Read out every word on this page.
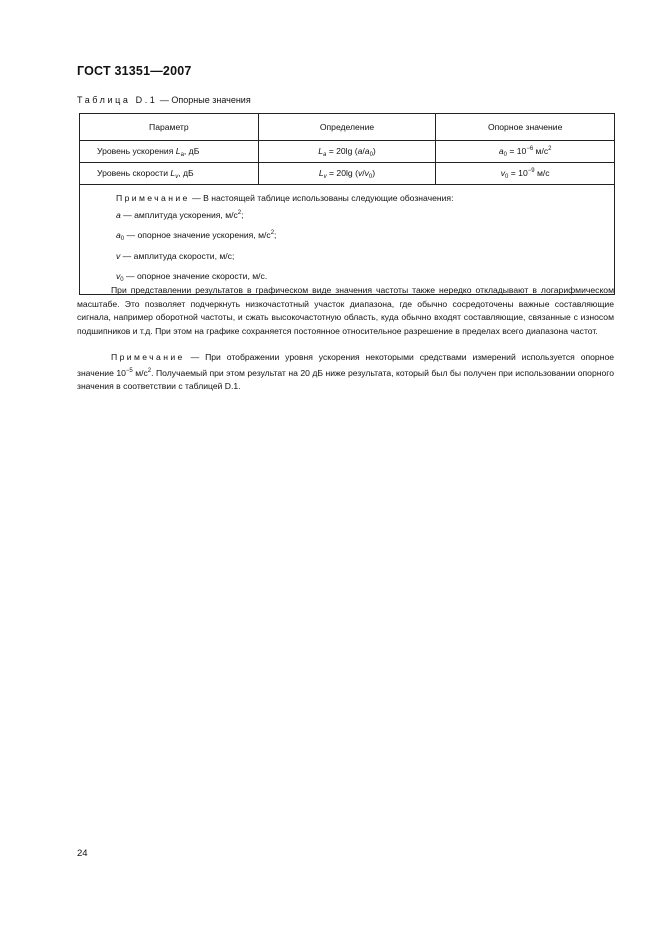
ГОСТ 31351—2007
Таблица D.1 — Опорные значения
Параметр	Определение	Опорное значение
Уровень ускорения $L_a$, дБ	$L_a = 20\lg$ $(a/a_0)$	$a_0 = 10^{-6}$ $м/с^2$
Уровень скорости $L_v$, дБ	$L_v = 20\lg$ $(v/v_0)$	$v_0 = 10^{-9}$ м/с

Примечание — В настоящей таблице использованы следующие обозначения:
a — амплитуда ускорения, $м/с^2$;
$a_0$ — опорное значение ускорения, $м/с^2$;
v — амплитуда скорости, м/с;
$v_0$ — опорное значение скорости, м/с.		

При представлении результатов в графическом виде значения частоты также нередко откладывают в логарифмическом масштабе. Это позволяет подчеркнуть низкочастотный участок диапазона, где обычно сосредоточены важные составляющие сигнала, например оборотной частоты, и сжать высокочастотную область, куда обычно входят составляющие, связанные с износом подшипников и т.д. При этом на графике сохраняется постоянное относительное разрешение в пределах всего диапазона частот.

Примечание — При отображении уровня ускорения некоторыми средствами измерений используется опорное значение $10^{-5}$ $м/с^2$. Получаемый при этом результат на 20 дБ ниже результата, который был бы получен при использовании опорного значения в соответствии с таблицей D.1.

24
